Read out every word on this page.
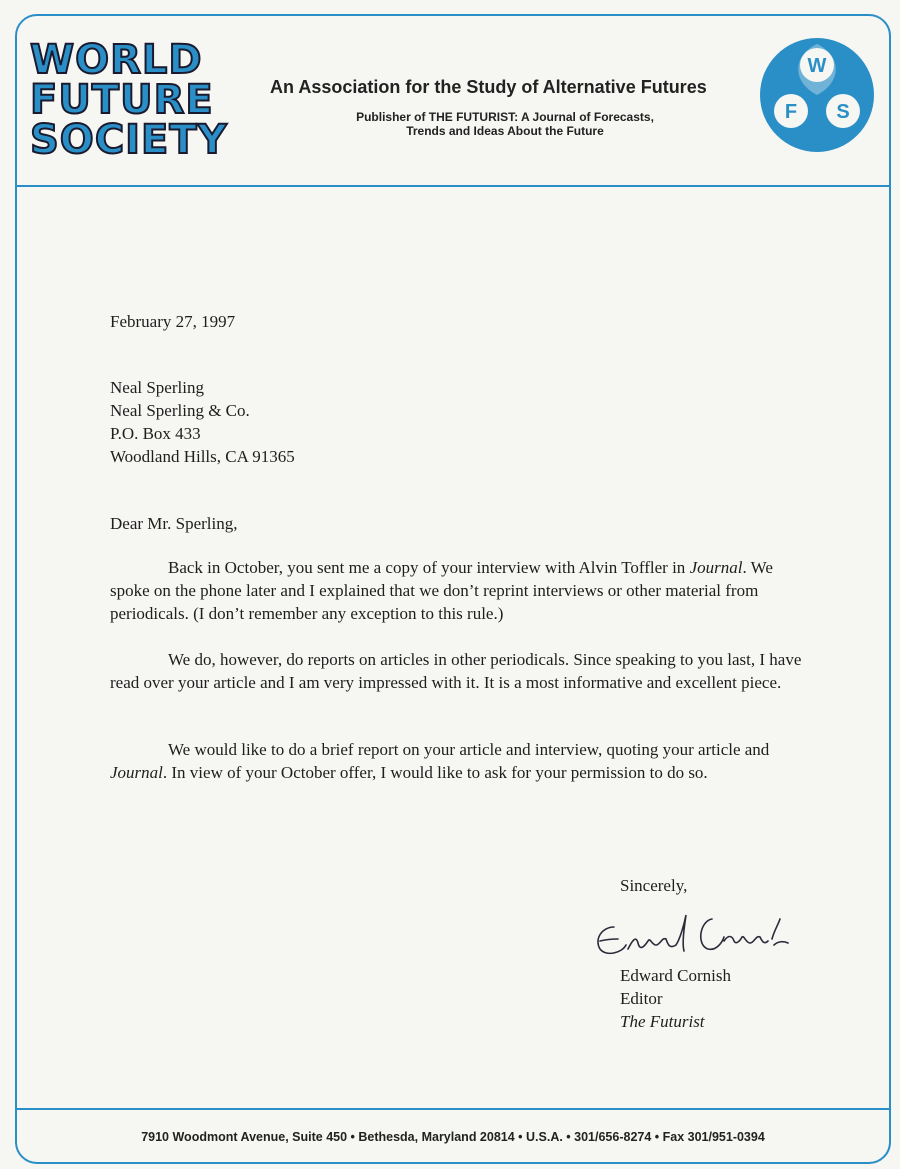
WORLD
FUTURE
SOCIETY
An Association for the Study of Alternative Futures
Publisher of THE FUTURIST: A Journal of Forecasts,
Trends and Ideas About the Future
W
F S
February 27, 1997
Neal Sperling
Neal Sperling & Co.
P.O. Box 433
Woodland Hills, CA 91365
Dear Mr. Sperling,
Back in October, you sent me a copy of your interview with Alvin Toffler in Journal. We spoke on the phone later and I explained that we don’t reprint interviews or other material from periodicals. (I don’t remember any exception to this rule.)
We do, however, do reports on articles in other periodicals. Since speaking to you last, I have read over your article and I am very impressed with it. It is a most informative and excellent piece.
We would like to do a brief report on your article and interview, quoting your article and Journal. In view of your October offer, I would like to ask for your permission to do so.
Sincerely,
Edward Cornish
Editor
The Futurist
7910 Woodmont Avenue, Suite 450 • Bethesda, Maryland 20814 • U.S.A. • 301/656-8274 • Fax 301/951-0394
